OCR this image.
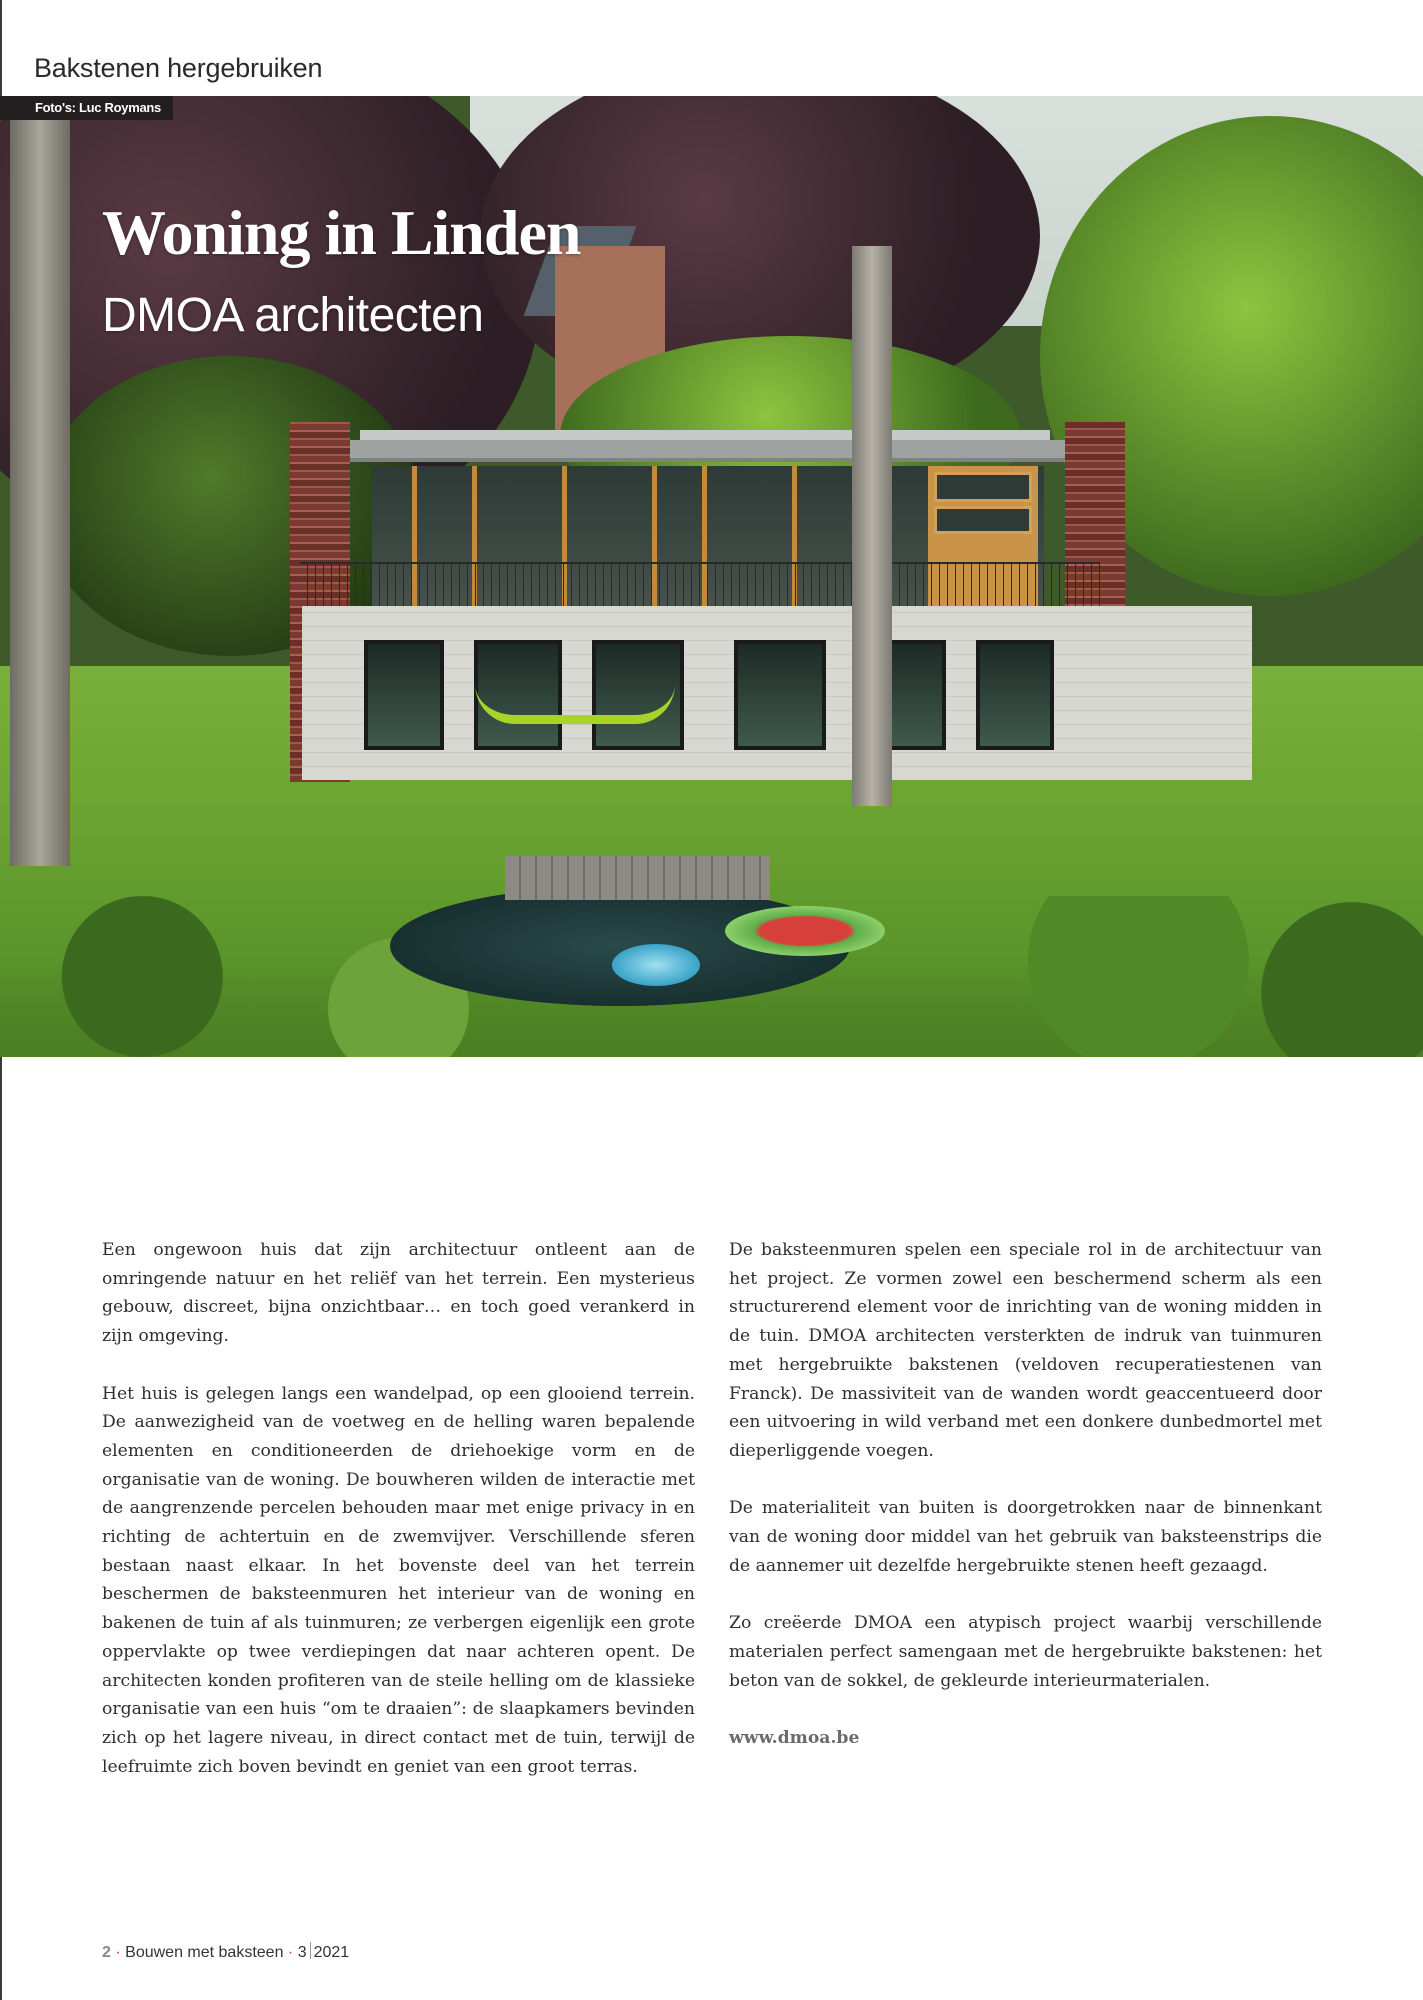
Bakstenen hergebruiken
Foto's: Luc Roymans
Woning in Linden
DMOA architecten

Een ongewoon huis dat zijn architectuur ontleent aan de omringende natuur en het reliëf van het terrein. Een mysterieus gebouw, discreet, bijna onzichtbaar… en toch goed verankerd in zijn omgeving.

Het huis is gelegen langs een wandelpad, op een glooiend terrein. De aanwezigheid van de voetweg en de helling waren bepalende elementen en conditioneerden de driehoekige vorm en de organisatie van de woning. De bouwheren wilden de interactie met de aangrenzende percelen behouden maar met enige privacy in en richting de achtertuin en de zwemvijver. Verschillende sferen bestaan naast elkaar. In het bovenste deel van het terrein beschermen de baksteenmuren het interieur van de woning en bakenen de tuin af als tuinmuren; ze verbergen eigenlijk een grote oppervlakte op twee verdiepingen dat naar achteren opent. De architecten konden profiteren van de steile helling om de klassieke organisatie van een huis “om te draaien”: de slaapkamers bevinden zich op het lagere niveau, in direct contact met de tuin, terwijl de leefruimte zich boven bevindt en geniet van een groot terras.

De baksteenmuren spelen een speciale rol in de architectuur van het project. Ze vormen zowel een beschermend scherm als een structurerend element voor de inrichting van de woning midden in de tuin. DMOA architecten versterkten de indruk van tuinmuren met hergebruikte bakstenen (veldoven recuperatiestenen van Franck). De massiviteit van de wanden wordt geaccentueerd door een uitvoering in wild verband met een donkere dunbedmortel met dieperliggende voegen.

De materialiteit van buiten is doorgetrokken naar de binnenkant van de woning door middel van het gebruik van baksteenstrips die de aannemer uit dezelfde hergebruikte stenen heeft gezaagd.

Zo creëerde DMOA een atypisch project waarbij verschillende materialen perfect samengaan met de hergebruikte bakstenen: het beton van de sokkel, de gekleurde interieurmaterialen.

www.dmoa.be

2 · Bouwen met baksteen · 3 2021
